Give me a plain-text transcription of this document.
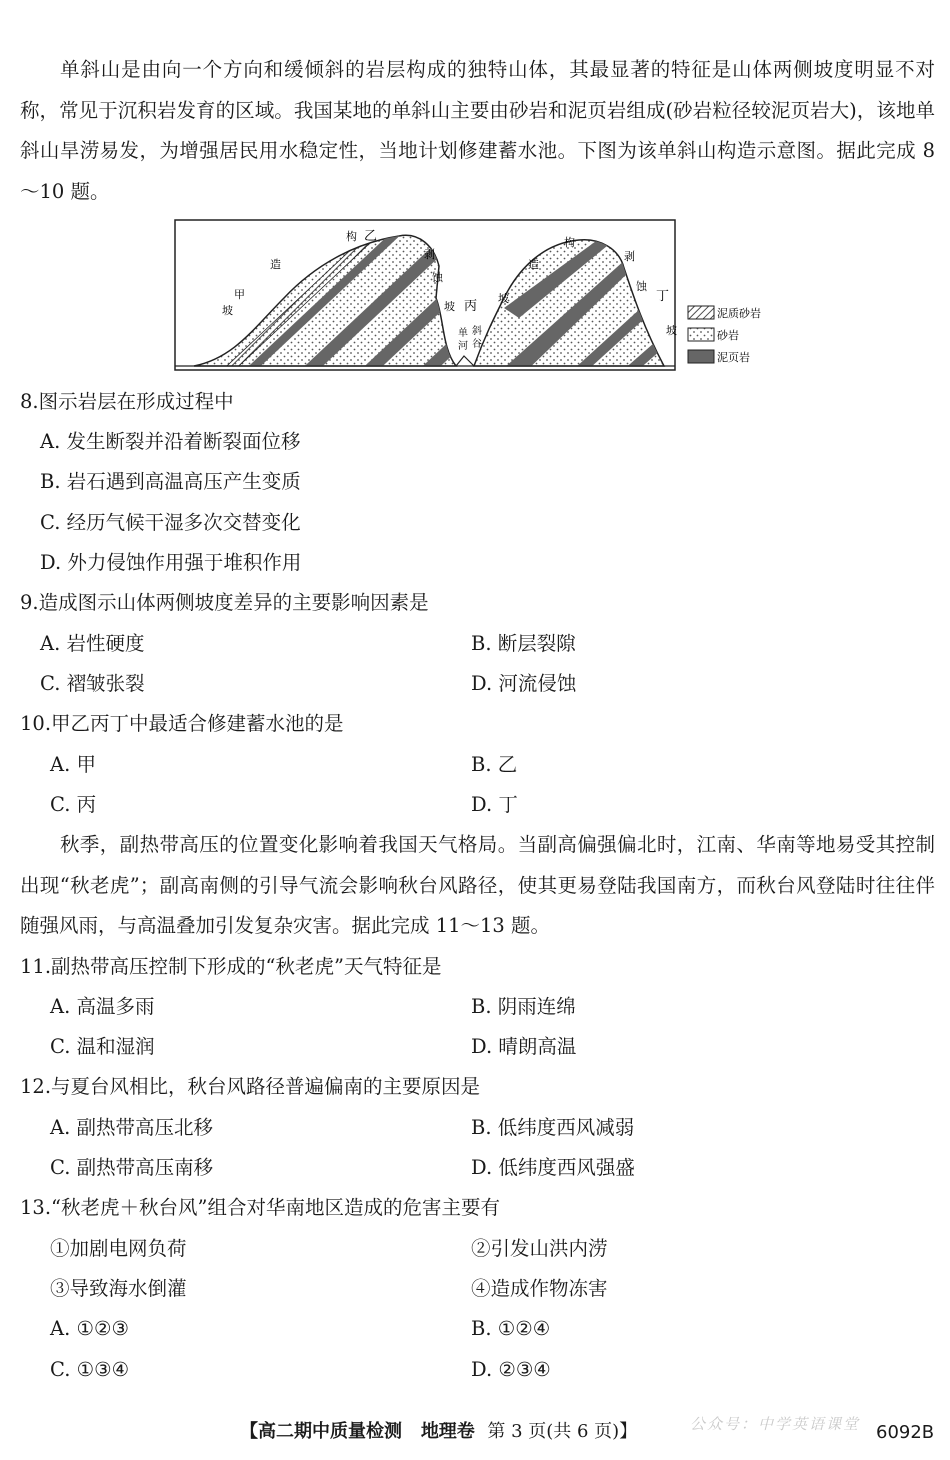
单斜山是由向一个方向和缓倾斜的岩层构成的独特山体，其最显著的特征是山体两侧坡度明显不对称，常见于沉积岩发育的区域。我国某地的单斜山主要由砂岩和泥页岩组成(砂岩粒径较泥页岩大)，该地单斜山旱涝易发，为增强居民用水稳定性，当地计划修建蓄水池。下图为该单斜山构造示意图。据此完成 8～10 题。

甲
坡
造
构 乙
剥
蚀
坡 丙
单 斜
河 谷
坡
造
构
剥
蚀
丁
坡
泥质砂岩
砂岩
泥页岩
8.图示岩层在形成过程中
A. 发生断裂并沿着断裂面位移
B. 岩石遇到高温高压产生变质
C. 经历气候干湿多次交替变化
D. 外力侵蚀作用强于堆积作用
9.造成图示山体两侧坡度差异的主要影响因素是
A. 岩性硬度	B. 断层裂隙
C. 褶皱张裂	D. 河流侵蚀
10.甲乙丙丁中最适合修建蓄水池的是
A. 甲	B. 乙
C. 丙	D. 丁

秋季，副热带高压的位置变化影响着我国天气格局。当副高偏强偏北时，江南、华南等地易受其控制出现“秋老虎”；副高南侧的引导气流会影响秋台风路径，使其更易登陆我国南方，而秋台风登陆时往往伴随强风雨，与高温叠加引发复杂灾害。据此完成 11～13 题。

11.副热带高压控制下形成的“秋老虎”天气特征是
A. 高温多雨	B. 阴雨连绵
C. 温和湿润	D. 晴朗高温
12.与夏台风相比，秋台风路径普遍偏南的主要原因是
A. 副热带高压北移	B. 低纬度西风减弱
C. 副热带高压南移	D. 低纬度西风强盛
13.“秋老虎＋秋台风”组合对华南地区造成的危害主要有
①加剧电网负荷	②引发山洪内涝
③导致海水倒灌	④造成作物冻害
A. ①②③	B. ①②④
C. ①③④	D. ②③④
公众号：中学英语课堂
【高二期中质量检测 地理卷 第 3 页(共 6 页)】	6092B
